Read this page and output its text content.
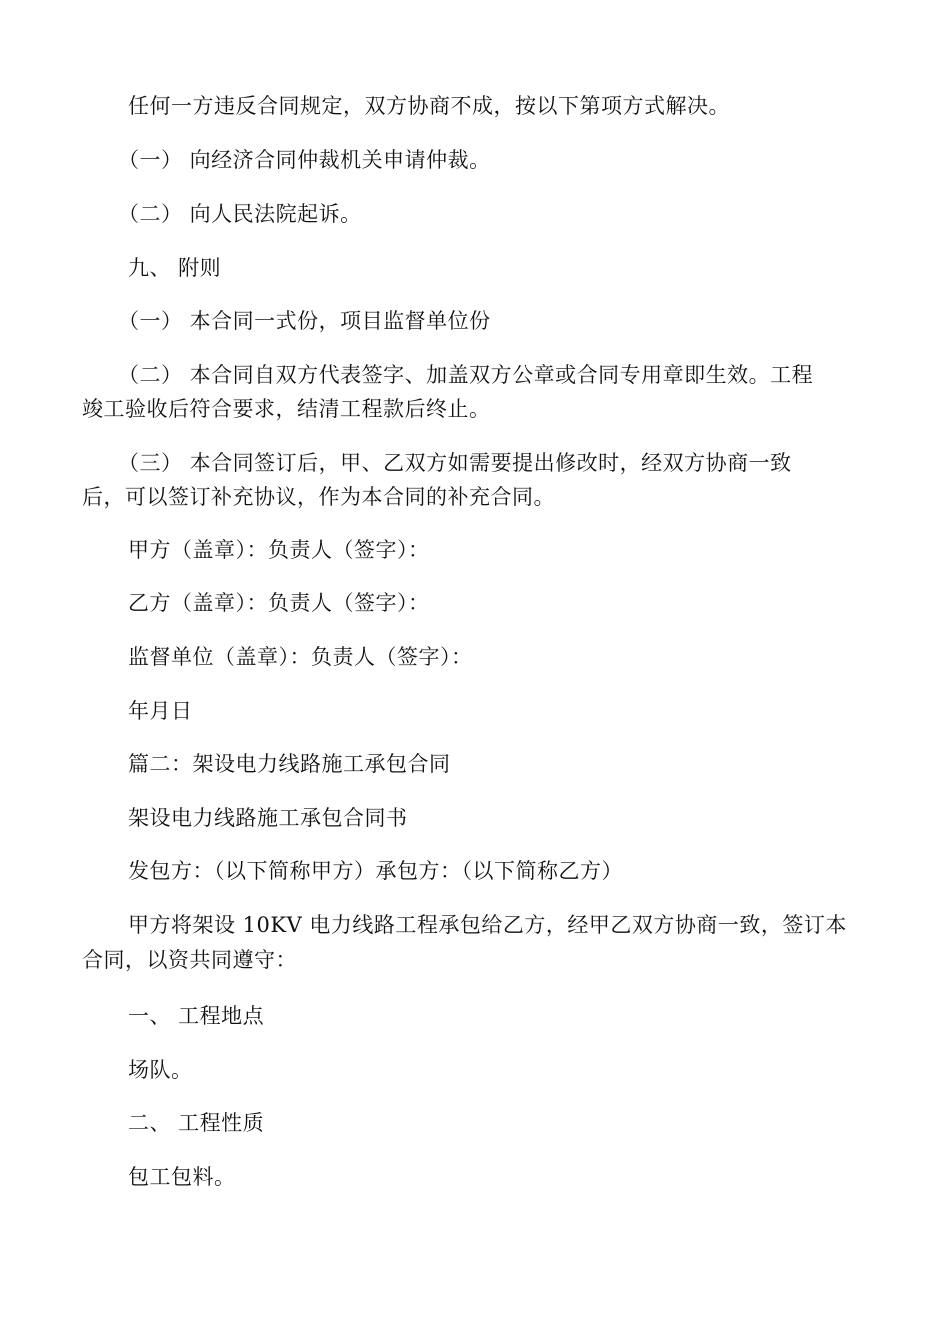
任何一方违反合同规定，双方协商不成，按以下第项方式解决。
（一） 向经济合同仲裁机关申请仲裁。
（二） 向人民法院起诉。
九、 附则
（一） 本合同一式份，项目监督单位份
（二） 本合同自双方代表签字、加盖双方公章或合同专用章即生效。工程
竣工验收后符合要求，结清工程款后终止。
（三） 本合同签订后，甲、乙双方如需要提出修改时，经双方协商一致
后，可以签订补充协议，作为本合同的补充合同。
甲方（盖章）：负责人（签字）：
乙方（盖章）：负责人（签字）：
监督单位（盖章）：负责人（签字）：
年月日
篇二：架设电力线路施工承包合同
架设电力线路施工承包合同书
发包方：（以下简称甲方）承包方：（以下简称乙方）
甲方将架设 10KV 电力线路工程承包给乙方，经甲乙双方协商一致，签订本
合同，以资共同遵守：
一、 工程地点
场队。
二、 工程性质
包工包料。
